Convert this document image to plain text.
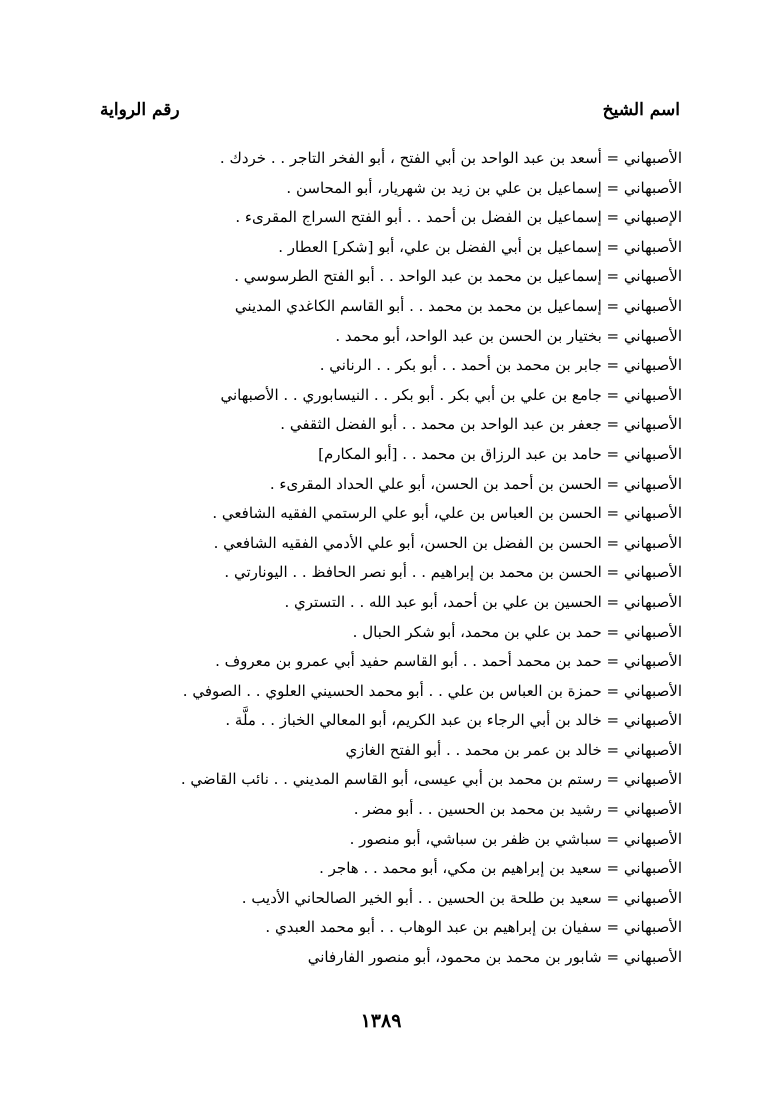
اسم الشيخ
رقم الرواية
الأصبهاني = أسعد بن عبد الواحد بن أبي الفتح ، أبو الفخر التاجر . . خردك .
الأصبهاني = إسماعيل بن علي بن زيد بن شهريار، أبو المحاسن .
الإصبهاني = إسماعيل بن الفضل بن أحمد . . أبو الفتح السراج المقرىء .
الأصبهاني = إسماعيل بن أبي الفضل بن علي، أبو [شكر] العطار .
الأصبهاني = إسماعيل بن محمد بن عبد الواحد . . أبو الفتح الطرسوسي .
الأصبهاني = إسماعيل بن محمد بن محمد . . أبو القاسم الكاغدي المديني
الأصبهاني = بختيار بن الحسن بن عبد الواحد، أبو محمد .
الأصبهاني = جابر بن محمد بن أحمد . . أبو بكر . . الرناني .
الأصبهاني = جامع بن علي بن أبي بكر . أبو بكر . . النيسابوري . . الأصبهاني
الأصبهاني = جعفر بن عبد الواحد بن محمد . . أبو الفضل الثقفي .
الأصبهاني = حامد بن عبد الرزاق بن محمد . . [أبو المكارم]
الأصبهاني = الحسن بن أحمد بن الحسن، أبو علي الحداد المقرىء .
الأصبهاني = الحسن بن العباس بن علي، أبو علي الرستمي الفقيه الشافعي .
الأصبهاني = الحسن بن الفضل بن الحسن، أبو علي الأدمي الفقيه الشافعي .
الأصبهاني = الحسن بن محمد بن إبراهيم . . أبو نصر الحافظ . . اليونارتي .
الأصبهاني = الحسين بن علي بن أحمد، أبو عبد الله . . التستري .
الأصبهاني = حمد بن علي بن محمد، أبو شكر الحبال .
الأصبهاني = حمد بن محمد أحمد . . أبو القاسم حفيد أبي عمرو بن معروف .
الأصبهاني = حمزة بن العباس بن علي . . أبو محمد الحسيني العلوي . . الصوفي .
الأصبهاني = خالد بن أبي الرجاء بن عبد الكريم، أبو المعالي الخباز . . ملَّة .
الأصبهاني = خالد بن عمر بن محمد . . أبو الفتح الغازي
الأصبهاني = رستم بن محمد بن أبي عيسى، أبو القاسم المديني . . نائب القاضي .
الأصبهاني = رشيد بن محمد بن الحسين . . أبو مضر .
الأصبهاني = سباشي بن ظفر بن سباشي، أبو منصور .
الأصبهاني = سعيد بن إبراهيم بن مكي، أبو محمد . . هاجر .
الأصبهاني = سعيد بن طلحة بن الحسين . . أبو الخير الصالحاني الأديب .
الأصبهاني = سفيان بن إبراهيم بن عبد الوهاب . . أبو محمد العبدي .
الأصبهاني = شابور بن محمد بن محمود، أبو منصور الفارفاني
١٣٨٩
